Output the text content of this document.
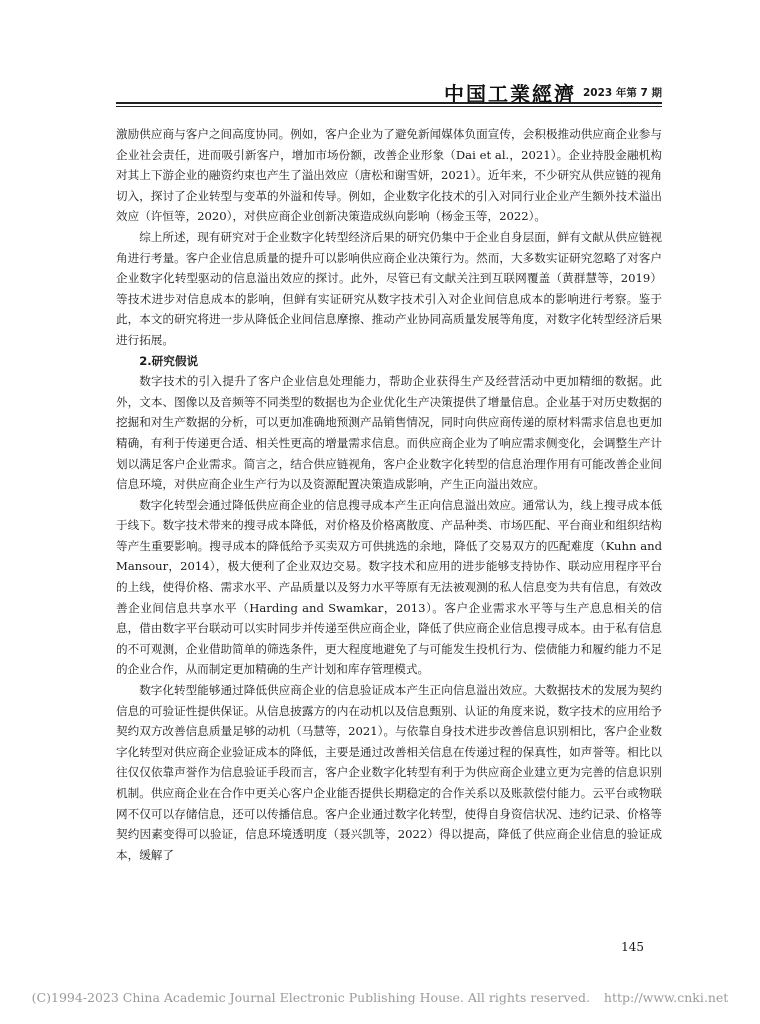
中国工業經濟 2023 年第 7 期

激励供应商与客户之间高度协同。例如，客户企业为了避免新闻媒体负面宣传，会积极推动供应商企业参与企业社会责任，进而吸引新客户，增加市场份额，改善企业形象（Dai et al.，2021）。企业持股金融机构对其上下游企业的融资约束也产生了溢出效应（唐松和谢雪妍，2021）。近年来，不少研究从供应链的视角切入，探讨了企业转型与变革的外溢和传导。例如，企业数字化技术的引入对同行业企业产生额外技术溢出效应（许恒等，2020），对供应商企业创新决策造成纵向影响（杨金玉等，2022）。

综上所述，现有研究对于企业数字化转型经济后果的研究仍集中于企业自身层面，鲜有文献从供应链视角进行考量。客户企业信息质量的提升可以影响供应商企业决策行为。然而，大多数实证研究忽略了对客户企业数字化转型驱动的信息溢出效应的探讨。此外，尽管已有文献关注到互联网覆盖（黄群慧等，2019）等技术进步对信息成本的影响，但鲜有实证研究从数字技术引入对企业间信息成本的影响进行考察。鉴于此，本文的研究将进一步从降低企业间信息摩擦、推动产业协同高质量发展等角度，对数字化转型经济后果进行拓展。

2.研究假说

数字技术的引入提升了客户企业信息处理能力，帮助企业获得生产及经营活动中更加精细的数据。此外，文本、图像以及音频等不同类型的数据也为企业优化生产决策提供了增量信息。企业基于对历史数据的挖掘和对生产数据的分析，可以更加准确地预测产品销售情况，同时向供应商传递的原材料需求信息也更加精确，有利于传递更合适、相关性更高的增量需求信息。而供应商企业为了响应需求侧变化，会调整生产计划以满足客户企业需求。简言之，结合供应链视角，客户企业数字化转型的信息治理作用有可能改善企业间信息环境，对供应商企业生产行为以及资源配置决策造成影响，产生正向溢出效应。

数字化转型会通过降低供应商企业的信息搜寻成本产生正向信息溢出效应。通常认为，线上搜寻成本低于线下。数字技术带来的搜寻成本降低，对价格及价格离散度、产品种类、市场匹配、平台商业和组织结构等产生重要影响。搜寻成本的降低给予买卖双方可供挑选的余地，降低了交易双方的匹配难度（Kuhn and Mansour，2014），极大便利了企业双边交易。数字技术和应用的进步能够支持协作、联动应用程序平台的上线，使得价格、需求水平、产品质量以及努力水平等原有无法被观测的私人信息变为共有信息，有效改善企业间信息共享水平（Harding and Swamkar，2013）。客户企业需求水平等与生产息息相关的信息，借由数字平台联动可以实时同步并传递至供应商企业，降低了供应商企业信息搜寻成本。由于私有信息的不可观测，企业借助简单的筛选条件，更大程度地避免了与可能发生投机行为、偿债能力和履约能力不足的企业合作，从而制定更加精确的生产计划和库存管理模式。

数字化转型能够通过降低供应商企业的信息验证成本产生正向信息溢出效应。大数据技术的发展为契约信息的可验证性提供保证。从信息披露方的内在动机以及信息甄别、认证的角度来说，数字技术的应用给予契约双方改善信息质量足够的动机（马慧等，2021）。与依靠自身技术进步改善信息识别相比，客户企业数字化转型对供应商企业验证成本的降低，主要是通过改善相关信息在传递过程的保真性，如声誉等。相比以往仅仅依靠声誉作为信息验证手段而言，客户企业数字化转型有利于为供应商企业建立更为完善的信息识别机制。供应商企业在合作中更关心客户企业能否提供长期稳定的合作关系以及账款偿付能力。云平台或物联网不仅可以存储信息，还可以传播信息。客户企业通过数字化转型，使得自身资信状况、违约记录、价格等契约因素变得可以验证，信息环境透明度（聂兴凯等，2022）得以提高，降低了供应商企业信息的验证成本，缓解了

145
(C)1994-2023 China Academic Journal Electronic Publishing House. All rights reserved. http://www.cnki.net
